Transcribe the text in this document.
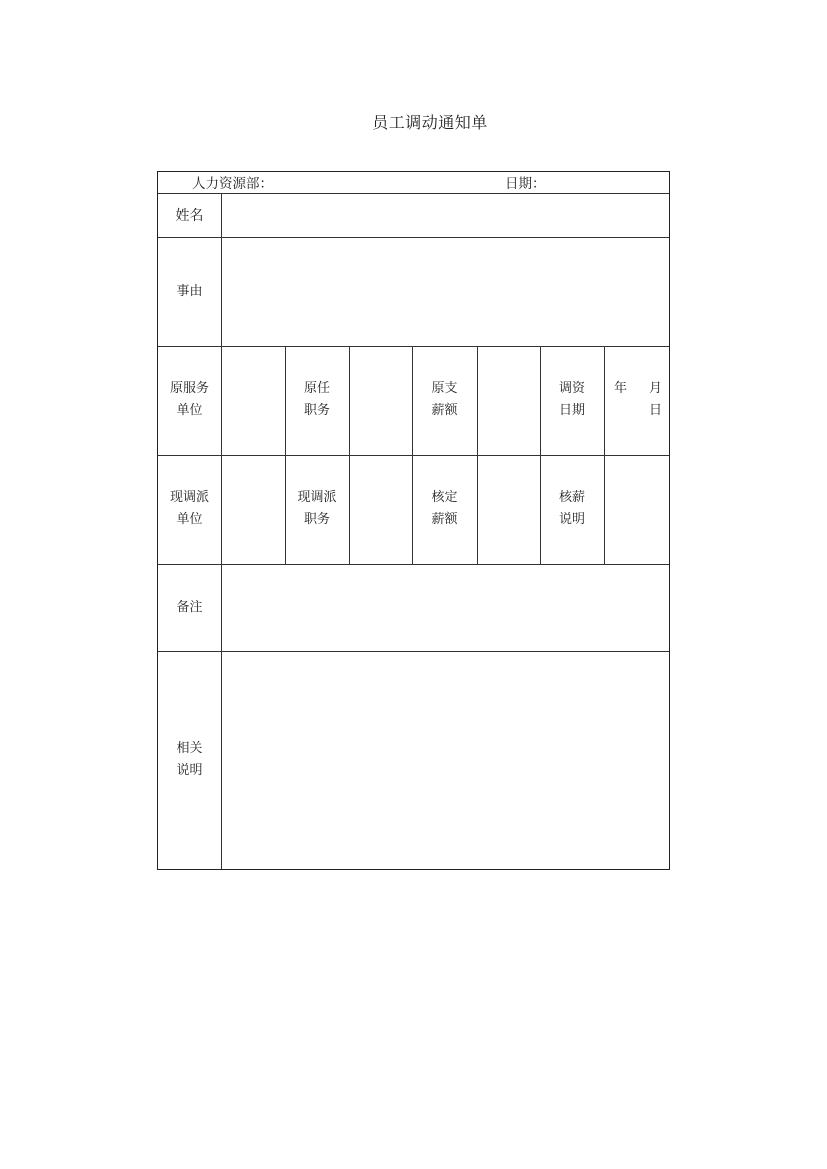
员工调动通知单
人力资源部：	日期：
姓名
事由
原服务
单位
原任
职务
原支
薪额
调资
日期
年 月
日
现调派
单位
现调派
职务
核定
薪额
核薪
说明
备注
相关
说明
